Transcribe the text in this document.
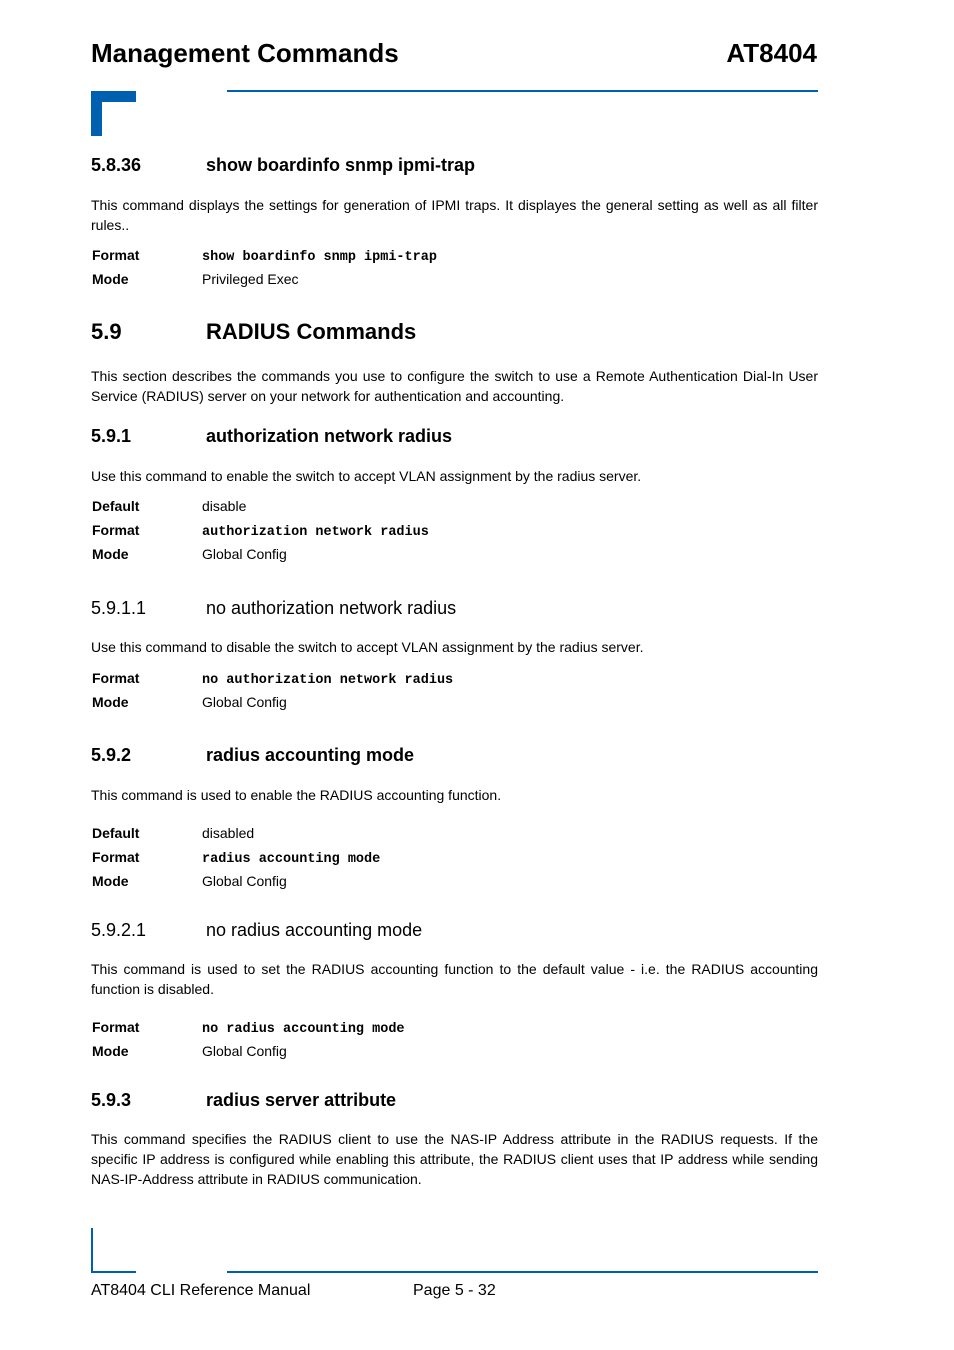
Management Commands	AT8404
5.8.36	show boardinfo snmp ipmi-trap
This command displays the settings for generation of IPMI traps. It displayes the general setting as well as all filter rules..
Format	show boardinfo snmp ipmi-trap
Mode	Privileged Exec
5.9	RADIUS Commands
This section describes the commands you use to configure the switch to use a Remote Authentication Dial-In User Service (RADIUS) server on your network for authentication and accounting.
5.9.1	authorization network radius
Use this command to enable the switch to accept VLAN assignment by the radius server.
Default	disable
Format	authorization network radius
Mode	Global Config
5.9.1.1	no authorization network radius
Use this command to disable the switch to accept VLAN assignment by the radius server.
Format	no authorization network radius
Mode	Global Config
5.9.2	radius accounting mode
This command is used to enable the RADIUS accounting function.
Default	disabled
Format	radius accounting mode
Mode	Global Config
5.9.2.1	no radius accounting mode
This command is used to set the RADIUS accounting function to the default value - i.e. the RADIUS accounting function is disabled.
Format	no radius accounting mode
Mode	Global Config
5.9.3	radius server attribute
This command specifies the RADIUS client to use the NAS-IP Address attribute in the RADIUS requests. If the specific IP address is configured while enabling this attribute, the RADIUS client uses that IP address while sending NAS-IP-Address attribute in RADIUS communication.
AT8404 CLI Reference Manual	Page 5 - 32
